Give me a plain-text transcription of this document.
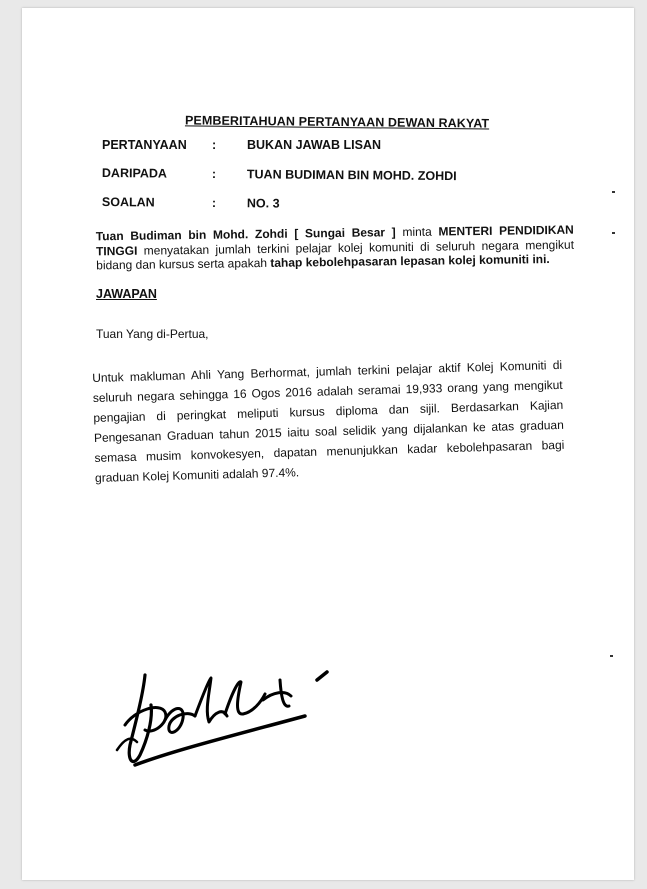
PEMBERITAHUAN PERTANYAAN DEWAN RAKYAT
PERTANYAAN	:	BUKAN JAWAB LISAN
DARIPADA	:	TUAN BUDIMAN BIN MOHD. ZOHDI
SOALAN	:	NO. 3
Tuan Budiman bin Mohd. Zohdi [ Sungai Besar ] minta MENTERI PENDIDIKAN TINGGI menyatakan jumlah terkini pelajar kolej komuniti di seluruh negara mengikut bidang dan kursus serta apakah tahap kebolehpasaran lepasan kolej komuniti ini.
JAWAPAN
Tuan Yang di-Pertua,
Untuk makluman Ahli Yang Berhormat, jumlah terkini pelajar aktif Kolej Komuniti di seluruh negara sehingga 16 Ogos 2016 adalah seramai 19,933 orang yang mengikut pengajian di peringkat meliputi kursus diploma dan sijil. Berdasarkan Kajian Pengesanan Graduan tahun 2015 iaitu soal selidik yang dijalankan ke atas graduan semasa musim konvokesyen, dapatan menunjukkan kadar kebolehpasaran bagi graduan Kolej Komuniti adalah 97.4%.
